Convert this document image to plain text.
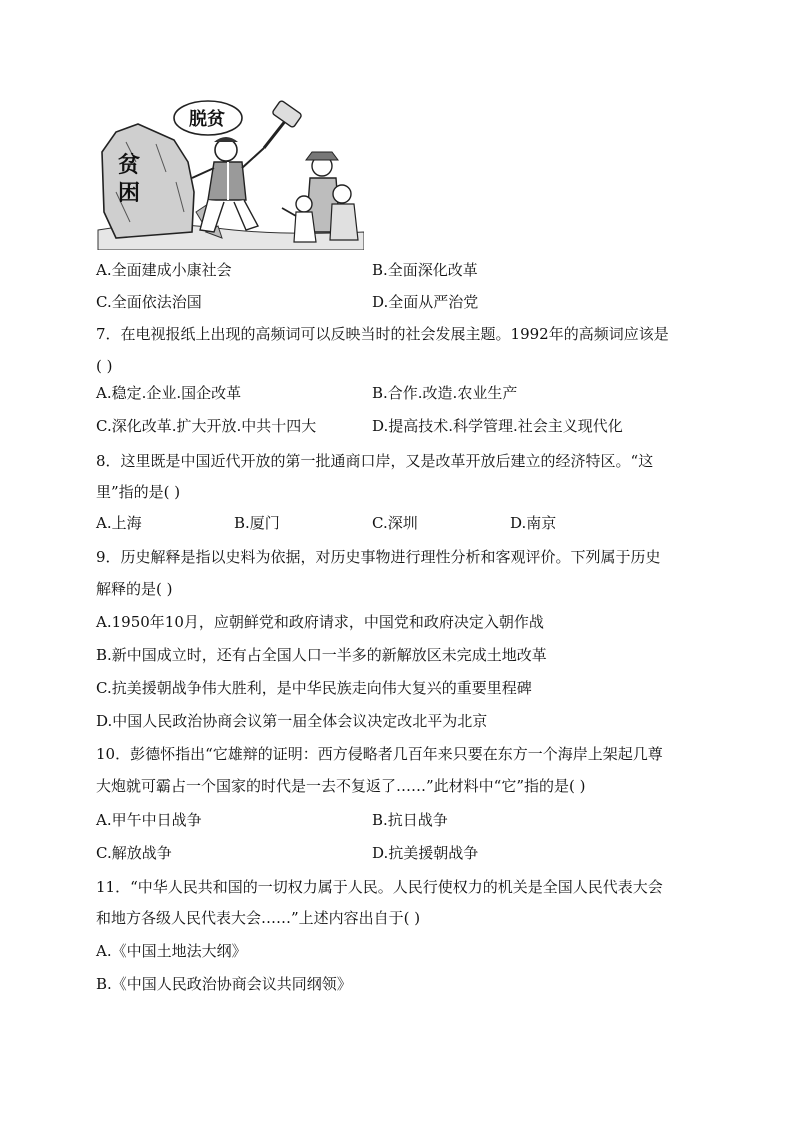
贫
困
脱贫
A.全面建成小康社会	B.全面深化改革
C.全面依法治国	D.全面从严治党
7．在电视报纸上出现的高频词可以反映当时的社会发展主题。1992年的高频词应该是
( )
A.稳定.企业.国企改革	B.合作.改造.农业生产
C.深化改革.扩大开放.中共十四大	D.提高技术.科学管理.社会主义现代化
8．这里既是中国近代开放的第一批通商口岸，又是改革开放后建立的经济特区。“这
里”指的是( )
A.上海	B.厦门	C.深圳	D.南京
9．历史解释是指以史料为依据，对历史事物进行理性分析和客观评价。下列属于历史
解释的是( )
A.1950年10月，应朝鲜党和政府请求，中国党和政府决定入朝作战
B.新中国成立时，还有占全国人口一半多的新解放区未完成土地改革
C.抗美援朝战争伟大胜利，是中华民族走向伟大复兴的重要里程碑
D.中国人民政治协商会议第一届全体会议决定改北平为北京
10．彭德怀指出“它雄辩的证明：西方侵略者几百年来只要在东方一个海岸上架起几尊
大炮就可霸占一个国家的时代是一去不复返了……”此材料中“它”指的是( )
A.甲午中日战争	B.抗日战争
C.解放战争	D.抗美援朝战争
11．“中华人民共和国的一切权力属于人民。人民行使权力的机关是全国人民代表大会
和地方各级人民代表大会……”上述内容出自于( )
A.《中国土地法大纲》
B.《中国人民政治协商会议共同纲领》
